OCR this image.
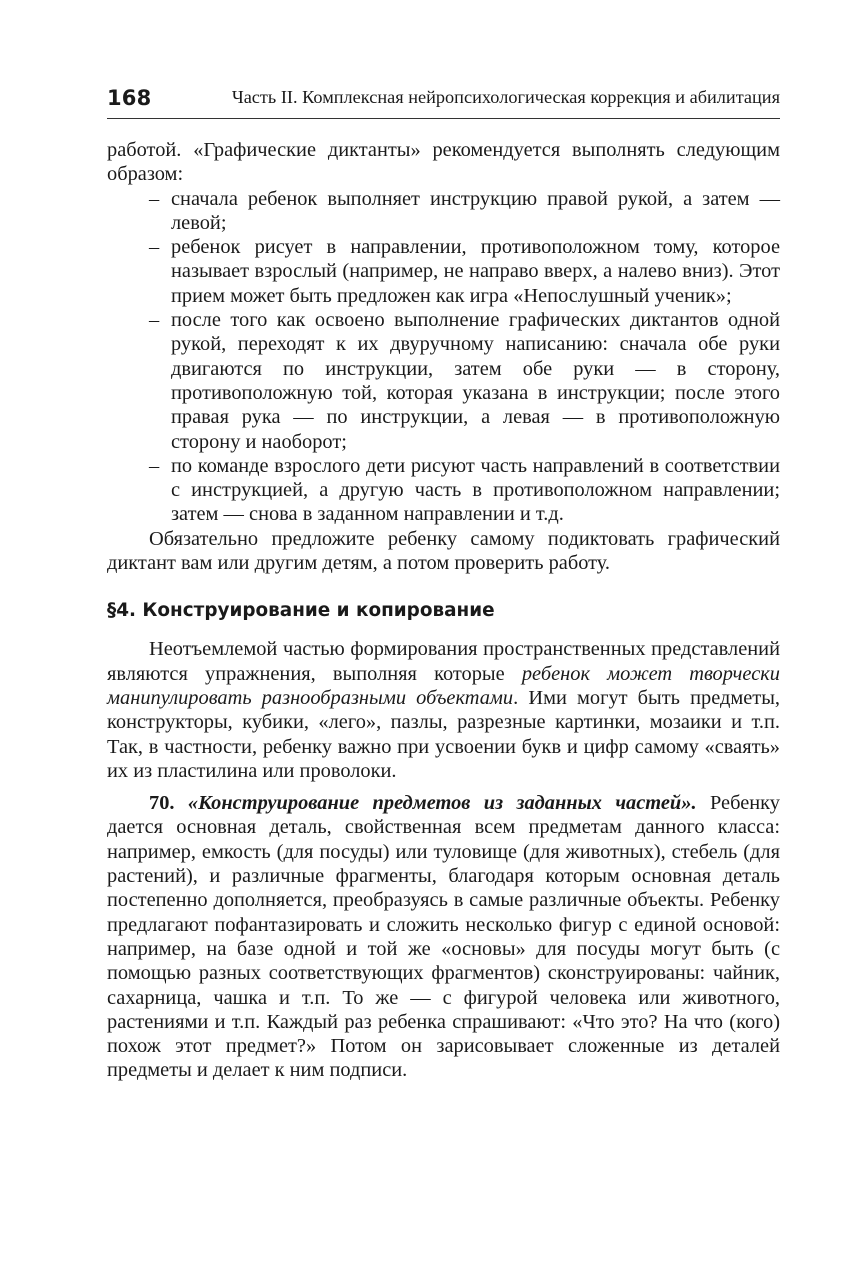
168	Часть II. Комплексная нейропсихологическая коррекция и абилитация

работой. «Графические диктанты» рекомендуется выполнять следующим образом:

– сначала ребенок выполняет инструкцию правой рукой, а затем — левой;
– ребенок рисует в направлении, противоположном тому, которое называет взрослый (например, не направо вверх, а налево вниз). Этот прием может быть предложен как игра «Непослушный ученик»;
– после того как освоено выполнение графических диктантов одной рукой, переходят к их двуручному написанию: сначала обе руки двигаются по инструкции, затем обе руки — в сторону, противоположную той, которая указана в инструкции; после этого правая рука — по инструкции, а левая — в противоположную сторону и наоборот;
– по команде взрослого дети рисуют часть направлений в соответствии с инструкцией, а другую часть в противоположном направлении; затем — снова в заданном направлении и т.д.

Обязательно предложите ребенку самому подиктовать графический диктант вам или другим детям, а потом проверить работу.

§4. Конструирование и копирование

Неотъемлемой частью формирования пространственных представлений являются упражнения, выполняя которые ребенок может творчески манипулировать разнообразными объектами. Ими могут быть предметы, конструкторы, кубики, «лего», пазлы, разрезные картинки, мозаики и т.п. Так, в частности, ребенку важно при усвоении букв и цифр самому «сваять» их из пластилина или проволоки.

70. «Конструирование предметов из заданных частей». Ребенку дается основная деталь, свойственная всем предметам данного класса: например, емкость (для посуды) или туловище (для животных), стебель (для растений), и различные фрагменты, благодаря которым основная деталь постепенно дополняется, преобразуясь в самые различные объекты. Ребенку предлагают пофантазировать и сложить несколько фигур с единой основой: например, на базе одной и той же «основы» для посуды могут быть (с помощью разных соответствующих фрагментов) сконструированы: чайник, сахарница, чашка и т.п. То же — с фигурой человека или животного, растениями и т.п. Каждый раз ребенка спрашивают: «Что это? На что (кого) похож этот предмет?» Потом он зарисовывает сложенные из деталей предметы и делает к ним подписи.
